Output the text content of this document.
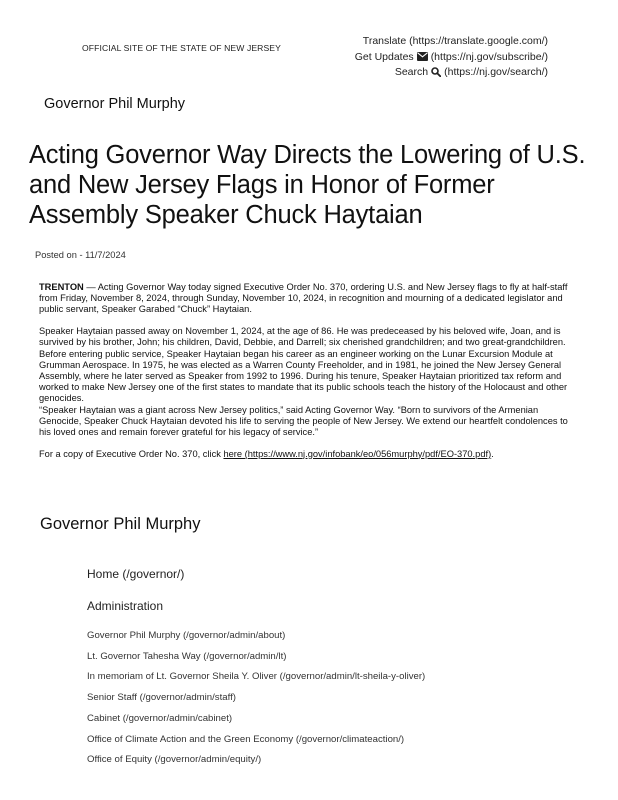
OFFICIAL SITE OF THE STATE OF NEW JERSEY
Translate (https://translate.google.com/)
Get Updates (https://nj.gov/subscribe/)
Search (https://nj.gov/search/)
Governor Phil Murphy
Acting Governor Way Directs the Lowering of U.S. and New Jersey Flags in Honor of Former Assembly Speaker Chuck Haytaian
Posted on - 11/7/2024

TRENTON — Acting Governor Way today signed Executive Order No. 370, ordering U.S. and New Jersey flags to fly at half-staff from Friday, November 8, 2024, through Sunday, November 10, 2024, in recognition and mourning of a dedicated legislator and public servant, Speaker Garabed “Chuck” Haytaian.

Speaker Haytaian passed away on November 1, 2024, at the age of 86. He was predeceased by his beloved wife, Joan, and is survived by his brother, John; his children, David, Debbie, and Darrell; six cherished grandchildren; and two great-grandchildren. Before entering public service, Speaker Haytaian began his career as an engineer working on the Lunar Excursion Module at Grumman Aerospace. In 1975, he was elected as a Warren County Freeholder, and in 1981, he joined the New Jersey General Assembly, where he later served as Speaker from 1992 to 1996. During his tenure, Speaker Haytaian prioritized tax reform and worked to make New Jersey one of the first states to mandate that its public schools teach the history of the Holocaust and other genocides.

“Speaker Haytaian was a giant across New Jersey politics,” said Acting Governor Way. “Born to survivors of the Armenian Genocide, Speaker Chuck Haytaian devoted his life to serving the people of New Jersey. We extend our heartfelt condolences to his loved ones and remain forever grateful for his legacy of service.”

For a copy of Executive Order No. 370, click here (https://www.nj.gov/infobank/eo/056murphy/pdf/EO-370.pdf).

Governor Phil Murphy
Home (/governor/)
Administration
Governor Phil Murphy (/governor/admin/about)
Lt. Governor Tahesha Way (/governor/admin/lt)
In memoriam of Lt. Governor Sheila Y. Oliver (/governor/admin/lt-sheila-y-oliver)
Senior Staff (/governor/admin/staff)
Cabinet (/governor/admin/cabinet)
Office of Climate Action and the Green Economy (/governor/climateaction/)
Office of Equity (/governor/admin/equity/)
